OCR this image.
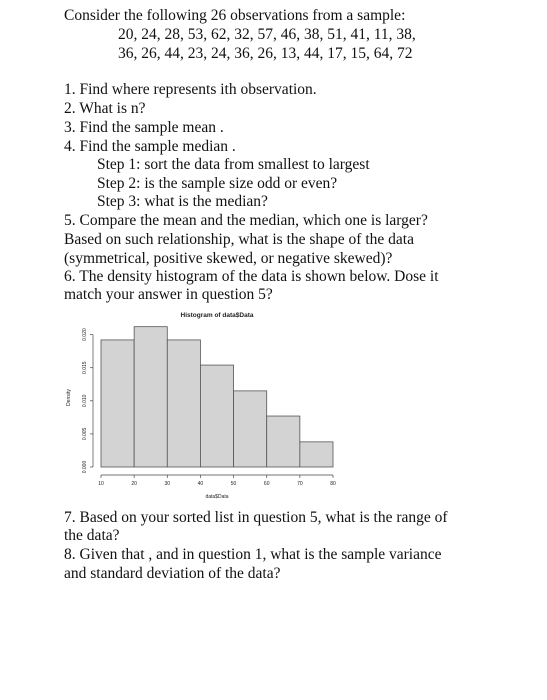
Consider the following 26 observations from a sample:
20, 24, 28, 53, 62, 32, 57, 46, 38, 51, 41, 11, 38,
36, 26, 44, 23, 24, 36, 26, 13, 44, 17, 15, 64, 72
1. Find where represents ith observation.
2. What is n?
3. Find the sample mean .
4. Find the sample median .
Step 1: sort the data from smallest to largest
Step 2: is the sample size odd or even?
Step 3: what is the median?
5. Compare the mean and the median, which one is larger?
Based on such relationship, what is the shape of the data
(symmetrical, positive skewed, or negative skewed)?
6. The density histogram of the data is shown below. Dose it
match your answer in question 5?
Histogram of data$Data
10	20	30	40	50	60	70	80
data$Data
0.000
0.005
0.010
0.015
0.020
Density
7. Based on your sorted list in question 5, what is the range of
the data?
8. Given that , and in question 1, what is the sample variance
and standard deviation of the data?
